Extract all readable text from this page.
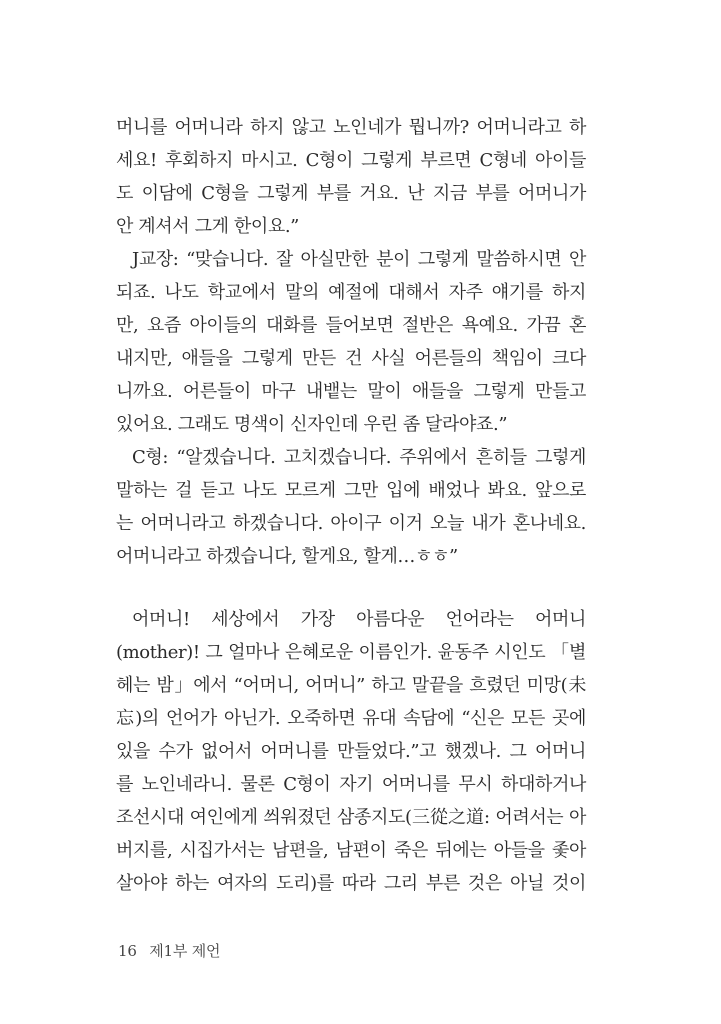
머니를 어머니라 하지 않고 노인네가 뭡니까? 어머니라고 하
세요! 후회하지 마시고. C형이 그렇게 부르면 C형네 아이들
도 이담에 C형을 그렇게 부를 거요. 난 지금 부를 어머니가
안 계셔서 그게 한이요.”
J교장: “맞습니다. 잘 아실만한 분이 그렇게 말씀하시면 안
되죠. 나도 학교에서 말의 예절에 대해서 자주 얘기를 하지
만, 요즘 아이들의 대화를 들어보면 절반은 욕예요. 가끔 혼
내지만, 애들을 그렇게 만든 건 사실 어른들의 책임이 크다
니까요. 어른들이 마구 내뱉는 말이 애들을 그렇게 만들고
있어요. 그래도 명색이 신자인데 우린 좀 달라야죠.”
C형: “알겠습니다. 고치겠습니다. 주위에서 흔히들 그렇게
말하는 걸 듣고 나도 모르게 그만 입에 배었나 봐요. 앞으로
는 어머니라고 하겠습니다. 아이구 이거 오늘 내가 혼나네요.
어머니라고 하겠습니다, 할게요, 할게…ㅎㅎ”
어머니! 세상에서 가장 아름다운 언어라는 어머니
(mother)! 그 얼마나 은혜로운 이름인가. 윤동주 시인도 「별
헤는 밤」에서 “어머니, 어머니” 하고 말끝을 흐렸던 미망(未
忘)의 언어가 아닌가. 오죽하면 유대 속담에 “신은 모든 곳에
있을 수가 없어서 어머니를 만들었다.”고 했겠나. 그 어머니
를 노인네라니. 물론 C형이 자기 어머니를 무시 하대하거나
조선시대 여인에게 씌워졌던 삼종지도(三從之道: 어려서는 아
버지를, 시집가서는 남편을, 남편이 죽은 뒤에는 아들을 좇아
살아야 하는 여자의 도리)를 따라 그리 부른 것은 아닐 것이
16 제1부 제언
